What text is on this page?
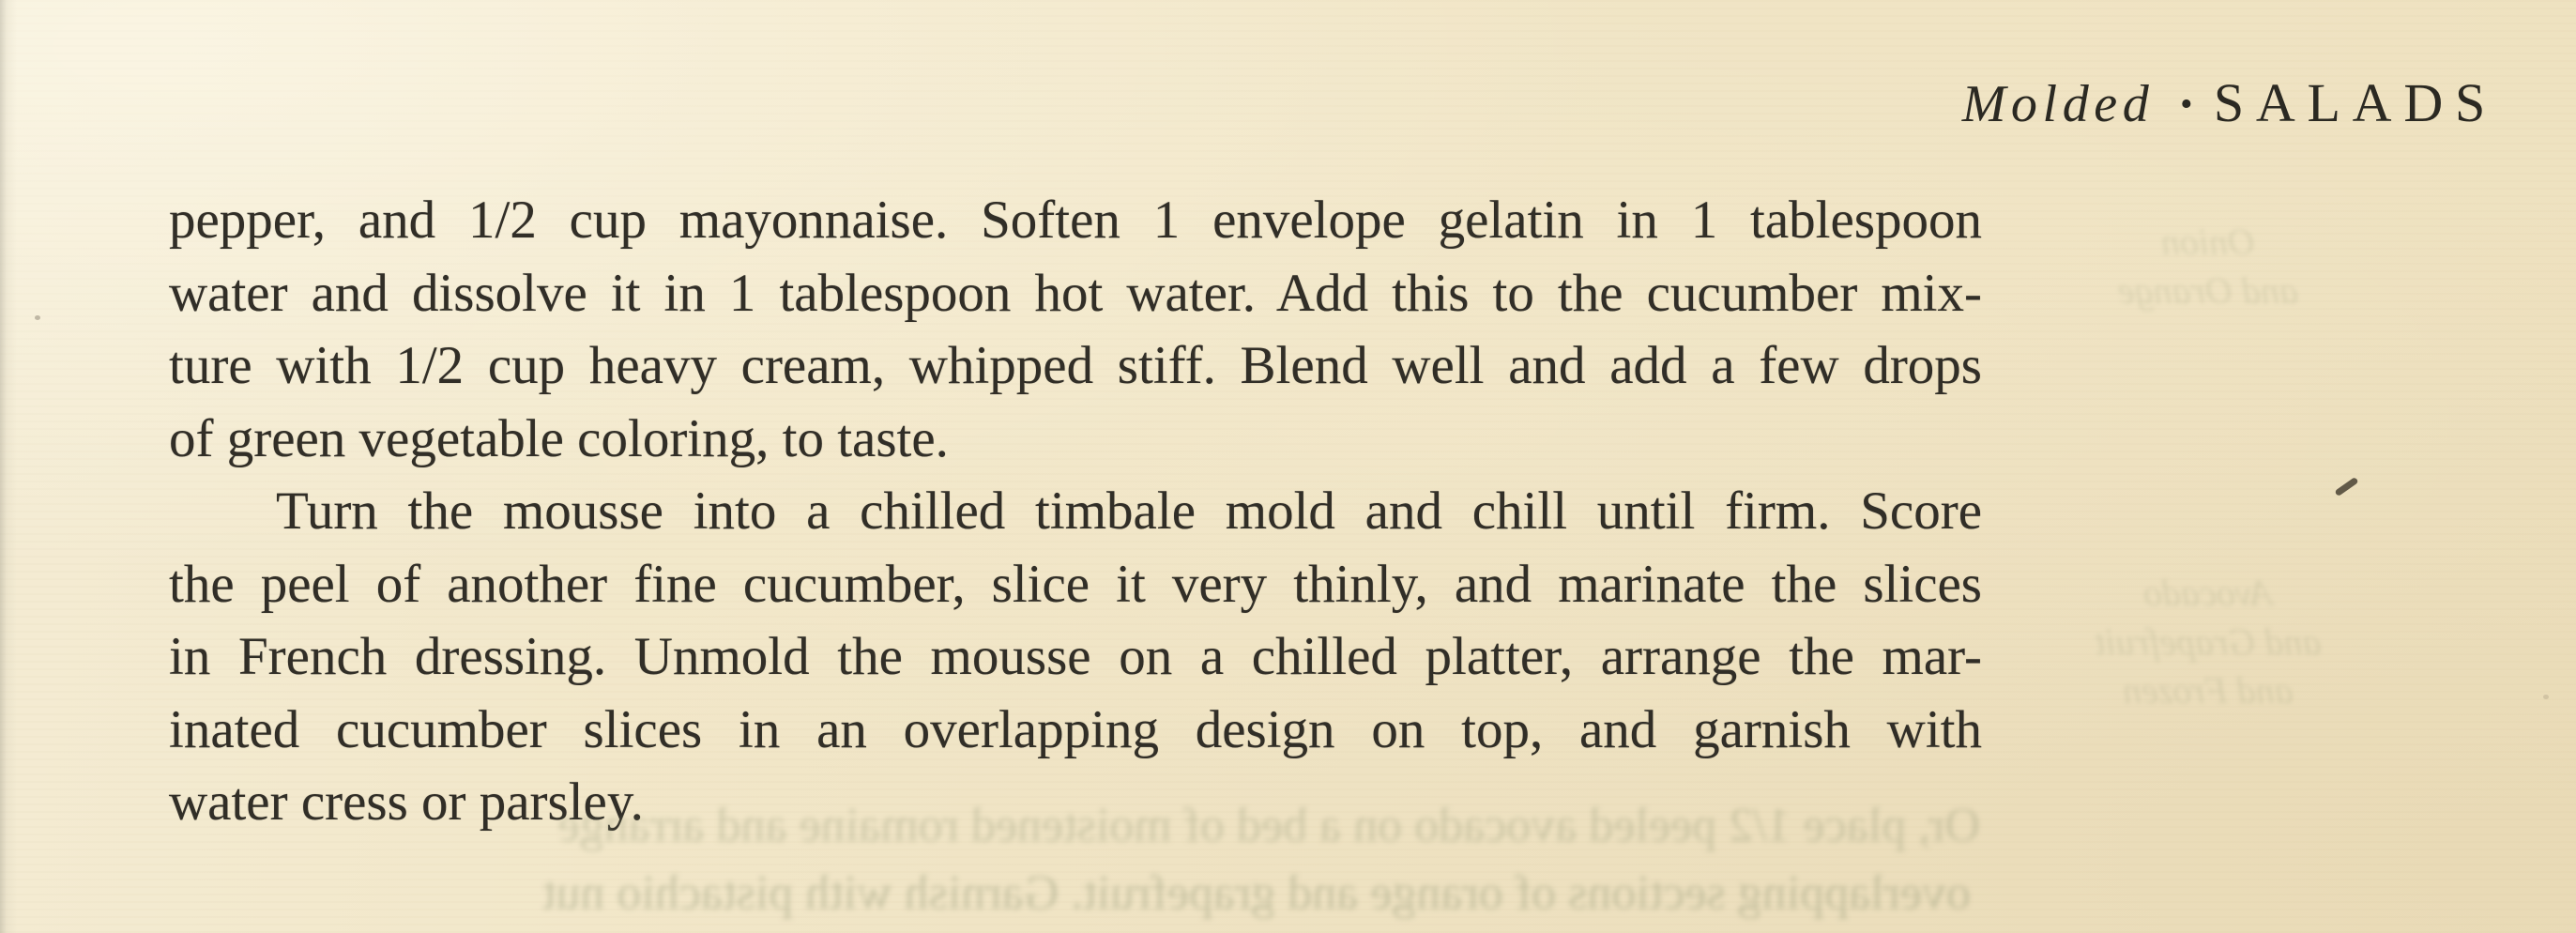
Molded · SALADS
pepper, and 1/2 cup mayonnaise. Soften 1 envelope gelatin in 1 tablespoon
water and dissolve it in 1 tablespoon hot water. Add this to the cucumber mix-
ture with 1/2 cup heavy cream, whipped stiff. Blend well and add a few drops
of green vegetable coloring, to taste.
Turn the mousse into a chilled timbale mold and chill until firm. Score
the peel of another fine cucumber, slice it very thinly, and marinate the slices
in French dressing. Unmold the mousse on a chilled platter, arrange the mar-
inated cucumber slices in an overlapping design on top, and garnish with
water cress or parsley.
Onion
and Orange
Avocado
and Grapefruit
and Frozen
Or, place 1/2 peeled avocado on a bed of moistened romaine and arrange
overlapping sections of orange and grapefruit. Garnish with pistachio nut
